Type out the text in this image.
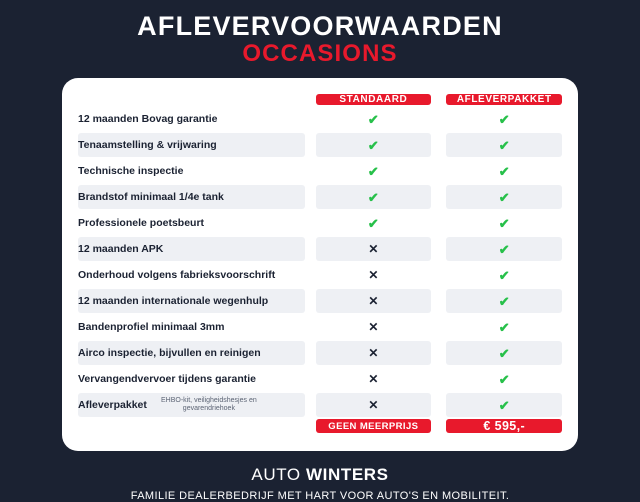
AFLEVERVOORWAARDEN
OCCASIONS
		STANDAARD		AFLEVERPAKKET
12 maanden Bovag garantie		✔		✔
Tenaamstelling & vrijwaring		✔		✔
Technische inspectie		✔		✔
Brandstof minimaal 1/4e tank		✔		✔
Professionele poetsbeurt		✔		✔
12 maanden APK		✕		✔
Onderhoud volgens fabrieksvoorschrift		✕		✔
12 maanden internationale wegenhulp		✕		✔
Bandenprofiel minimaal 3mm		✕		✔
Airco inspectie, bijvullen en reinigen		✕		✔
Vervangendvervoer tijdens garantie		✕		✔
Afleverpakket EHBO-kit, veiligheidshesjes en gevarendriehoek		✕		✔
		GEEN MEERPRIJS		€ 595,-
AUTO WINTERS
FAMILIE DEALERBEDRIJF MET HART VOOR AUTO'S EN MOBILITEIT.
